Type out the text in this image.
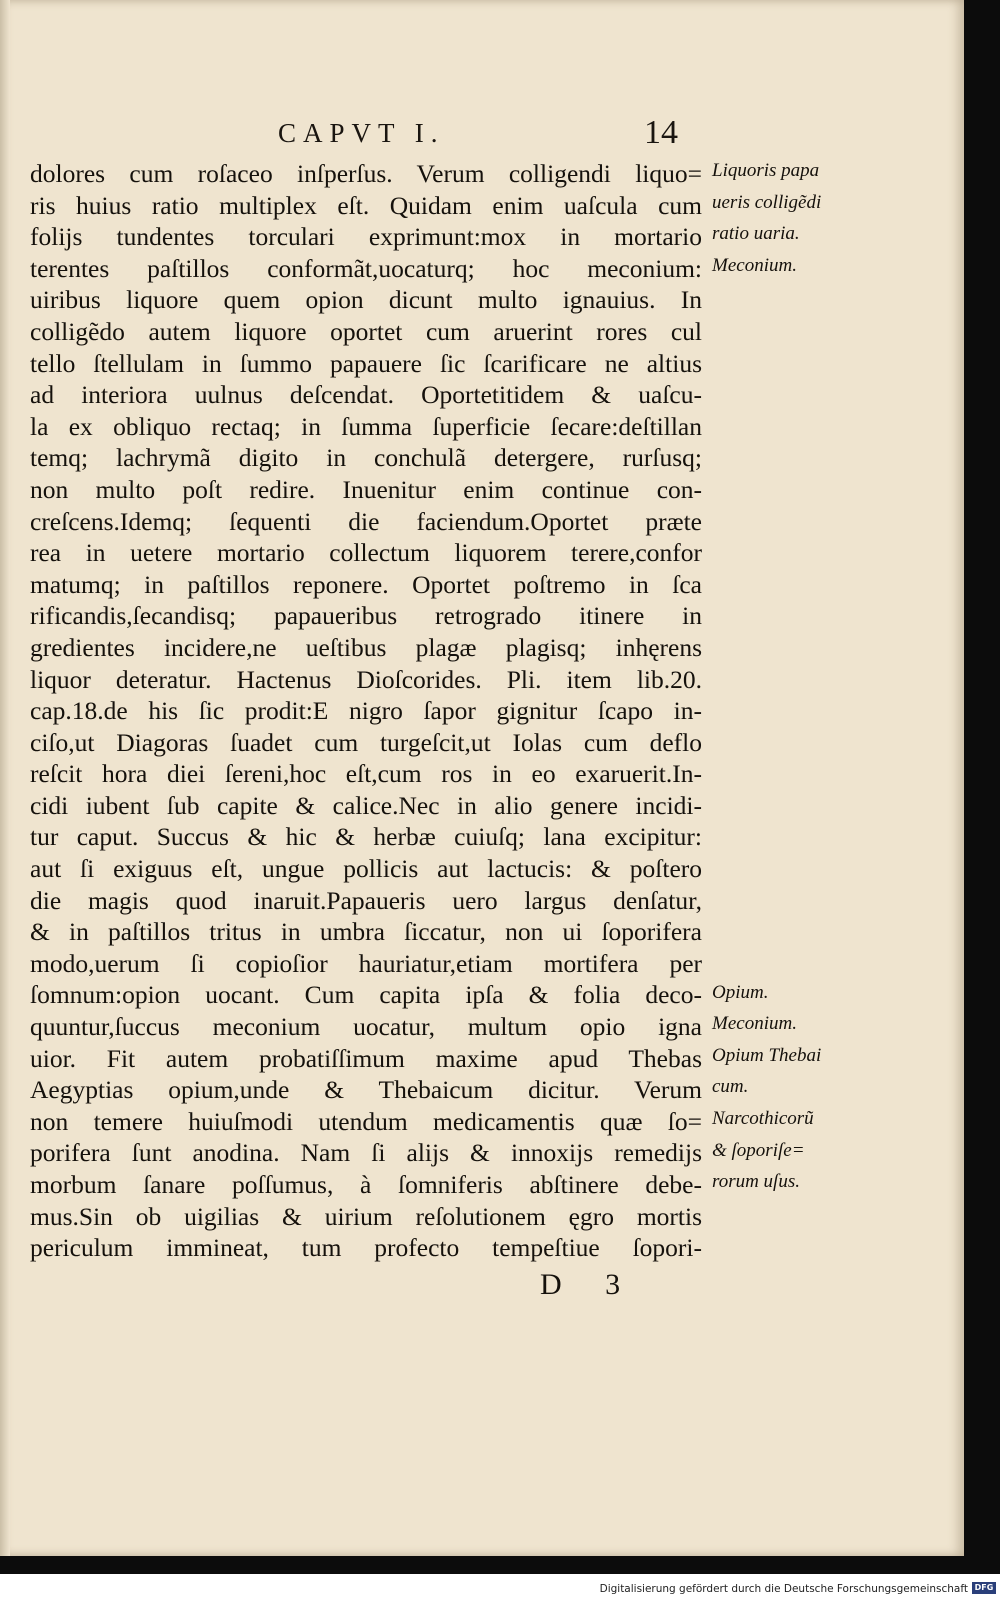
CAPVT I.	14
dolores cum roſaceo inſperſus. Verum colligendi liquo=
ris huius ratio multiplex eſt. Quidam enim uaſcula cum
folijs tundentes torculari exprimunt:mox in mortario
terentes paſtillos conformãt,uocaturq; hoc meconium:
uiribus liquore quem opion dicunt multo ignauius. In
colligẽdo autem liquore oportet cum aruerint rores cul
tello ſtellulam in ſummo papauere ſic ſcarificare ne altius
ad interiora uulnus deſcendat. Oportetitidem & uaſcu-
la ex obliquo rectaq; in ſumma ſuperficie ſecare:deſtillan
temq; lachrymã digito in conchulã detergere, rurſusq;
non multo poſt redire. Inuenitur enim continue con-
creſcens.Idemq; ſequenti die faciendum.Oportet præte
rea in uetere mortario collectum liquorem terere,confor
matumq; in paſtillos reponere. Oportet poſtremo in ſca
rificandis,ſecandisq; papaueribus retrogrado itinere in
gredientes incidere,ne ueſtibus plagæ plagisq; inhęrens
liquor deteratur. Hactenus Dioſcorides. Pli. item lib.20.
cap.18.de his ſic prodit:E nigro ſapor gignitur ſcapo in-
ciſo,ut Diagoras ſuadet cum turgeſcit,ut Iolas cum deflo
reſcit hora diei ſereni,hoc eſt,cum ros in eo exaruerit.In-
cidi iubent ſub capite & calice.Nec in alio genere incidi-
tur caput. Succus & hic & herbæ cuiuſq; lana excipitur:
aut ſi exiguus eſt, ungue pollicis aut lactucis: & poſtero
die magis quod inaruit.Papaueris uero largus denſatur,
& in paſtillos tritus in umbra ſiccatur, non ui ſoporifera
modo,uerum ſi copioſior hauriatur,etiam mortifera per
ſomnum:opion uocant. Cum capita ipſa & folia deco-
quuntur,ſuccus meconium uocatur, multum opio igna
uior. Fit autem probatiſſimum maxime apud Thebas
Aegyptias opium,unde & Thebaicum dicitur. Verum
non temere huiuſmodi utendum medicamentis quæ ſo=
porifera ſunt anodina. Nam ſi alijs & innoxijs remedijs
morbum ſanare poſſumus, à ſomniferis abſtinere debe-
mus.Sin ob uigilias & uirium reſolutionem ęgro mortis
periculum immineat, tum profecto tempeſtiue ſopori-
Liquoris papa
ueris colligẽdi
ratio uaria.
Meconium.
Opium.
Meconium.
Opium Thebai
cum.
Narcothicorũ
& ſoporiſe=
rorum uſus.
D 3
Digitalisierung gefördert durch die Deutsche Forschungsgemeinschaft DFG
